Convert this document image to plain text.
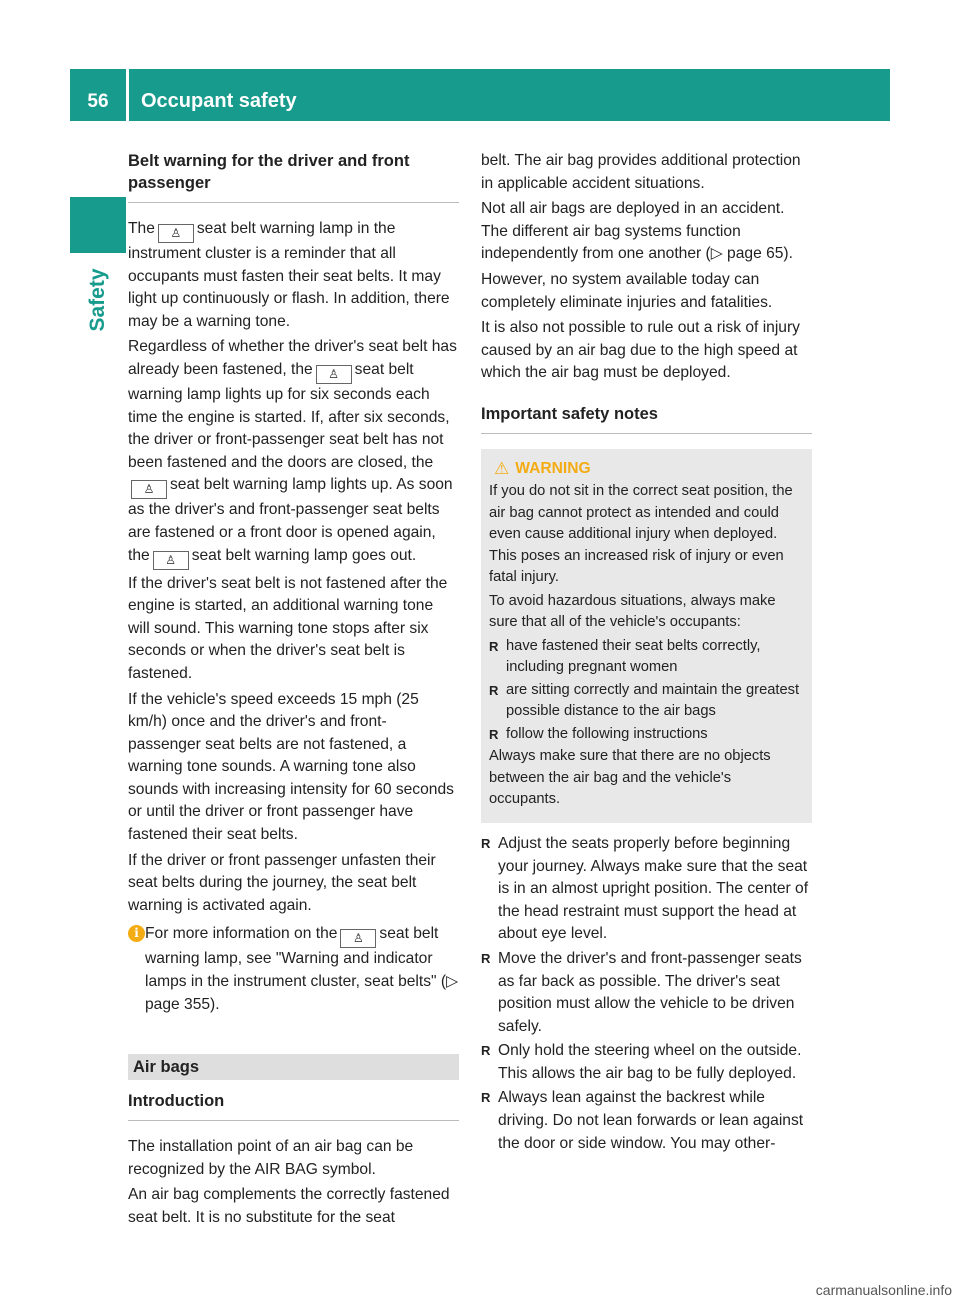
56	Occupant safety
Safety
Belt warning for the driver and front passenger

The ♙ seat belt warning lamp in the instrument cluster is a reminder that all occupants must fasten their seat belts. It may light up continuously or flash. In addition, there may be a warning tone.

Regardless of whether the driver's seat belt has already been fastened, the ♙ seat belt warning lamp lights up for six seconds each time the engine is started. If, after six seconds, the driver or front-passenger seat belt has not been fastened and the doors are closed, the♙ seat belt warning lamp lights up. As soon as the driver's and front-passenger seat belts are fastened or a front door is opened again, the ♙ seat belt warning lamp goes out.

If the driver's seat belt is not fastened after the engine is started, an additional warning tone will sound. This warning tone stops after six seconds or when the driver's seat belt is fastened.

If the vehicle's speed exceeds 15 mph (25 km/h) once and the driver's and front-passenger seat belts are not fastened, a warning tone sounds. A warning tone also sounds with increasing intensity for 60 seconds or until the driver or front passenger have fastened their seat belts.

If the driver or front passenger unfasten their seat belts during the journey, the seat belt warning is activated again.

i For more information on the ♙ seat belt warning lamp, see "Warning and indicator lamps in the instrument cluster, seat belts" (▷ page 355).
Air bags
Introduction

The installation point of an air bag can be recognized by the AIR BAG symbol.

An air bag complements the correctly fastened seat belt. It is no substitute for the seat

belt. The air bag provides additional protection in applicable accident situations.

Not all air bags are deployed in an accident. The different air bag systems function independently from one another (▷ page 65).

However, no system available today can completely eliminate injuries and fatalities.

It is also not possible to rule out a risk of injury caused by an air bag due to the high speed at which the air bag must be deployed.

Important safety notes
⚠ WARNING

If you do not sit in the correct seat position, the air bag cannot protect as intended and could even cause additional injury when deployed. This poses an increased risk of injury or even fatal injury.

To avoid hazardous situations, always make sure that all of the vehicle's occupants:

R have fastened their seat belts correctly, including pregnant women
R are sitting correctly and maintain the greatest possible distance to the air bags
R follow the following instructions

Always make sure that there are no objects between the air bag and the vehicle's occupants.

R Adjust the seats properly before beginning your journey. Always make sure that the seat is in an almost upright position. The center of the head restraint must support the head at about eye level.
R Move the driver's and front-passenger seats as far back as possible. The driver's seat position must allow the vehicle to be driven safely.
R Only hold the steering wheel on the outside. This allows the air bag to be fully deployed.
R Always lean against the backrest while driving. Do not lean forwards or lean against the door or side window. You may other-
carmanualsonline.info
